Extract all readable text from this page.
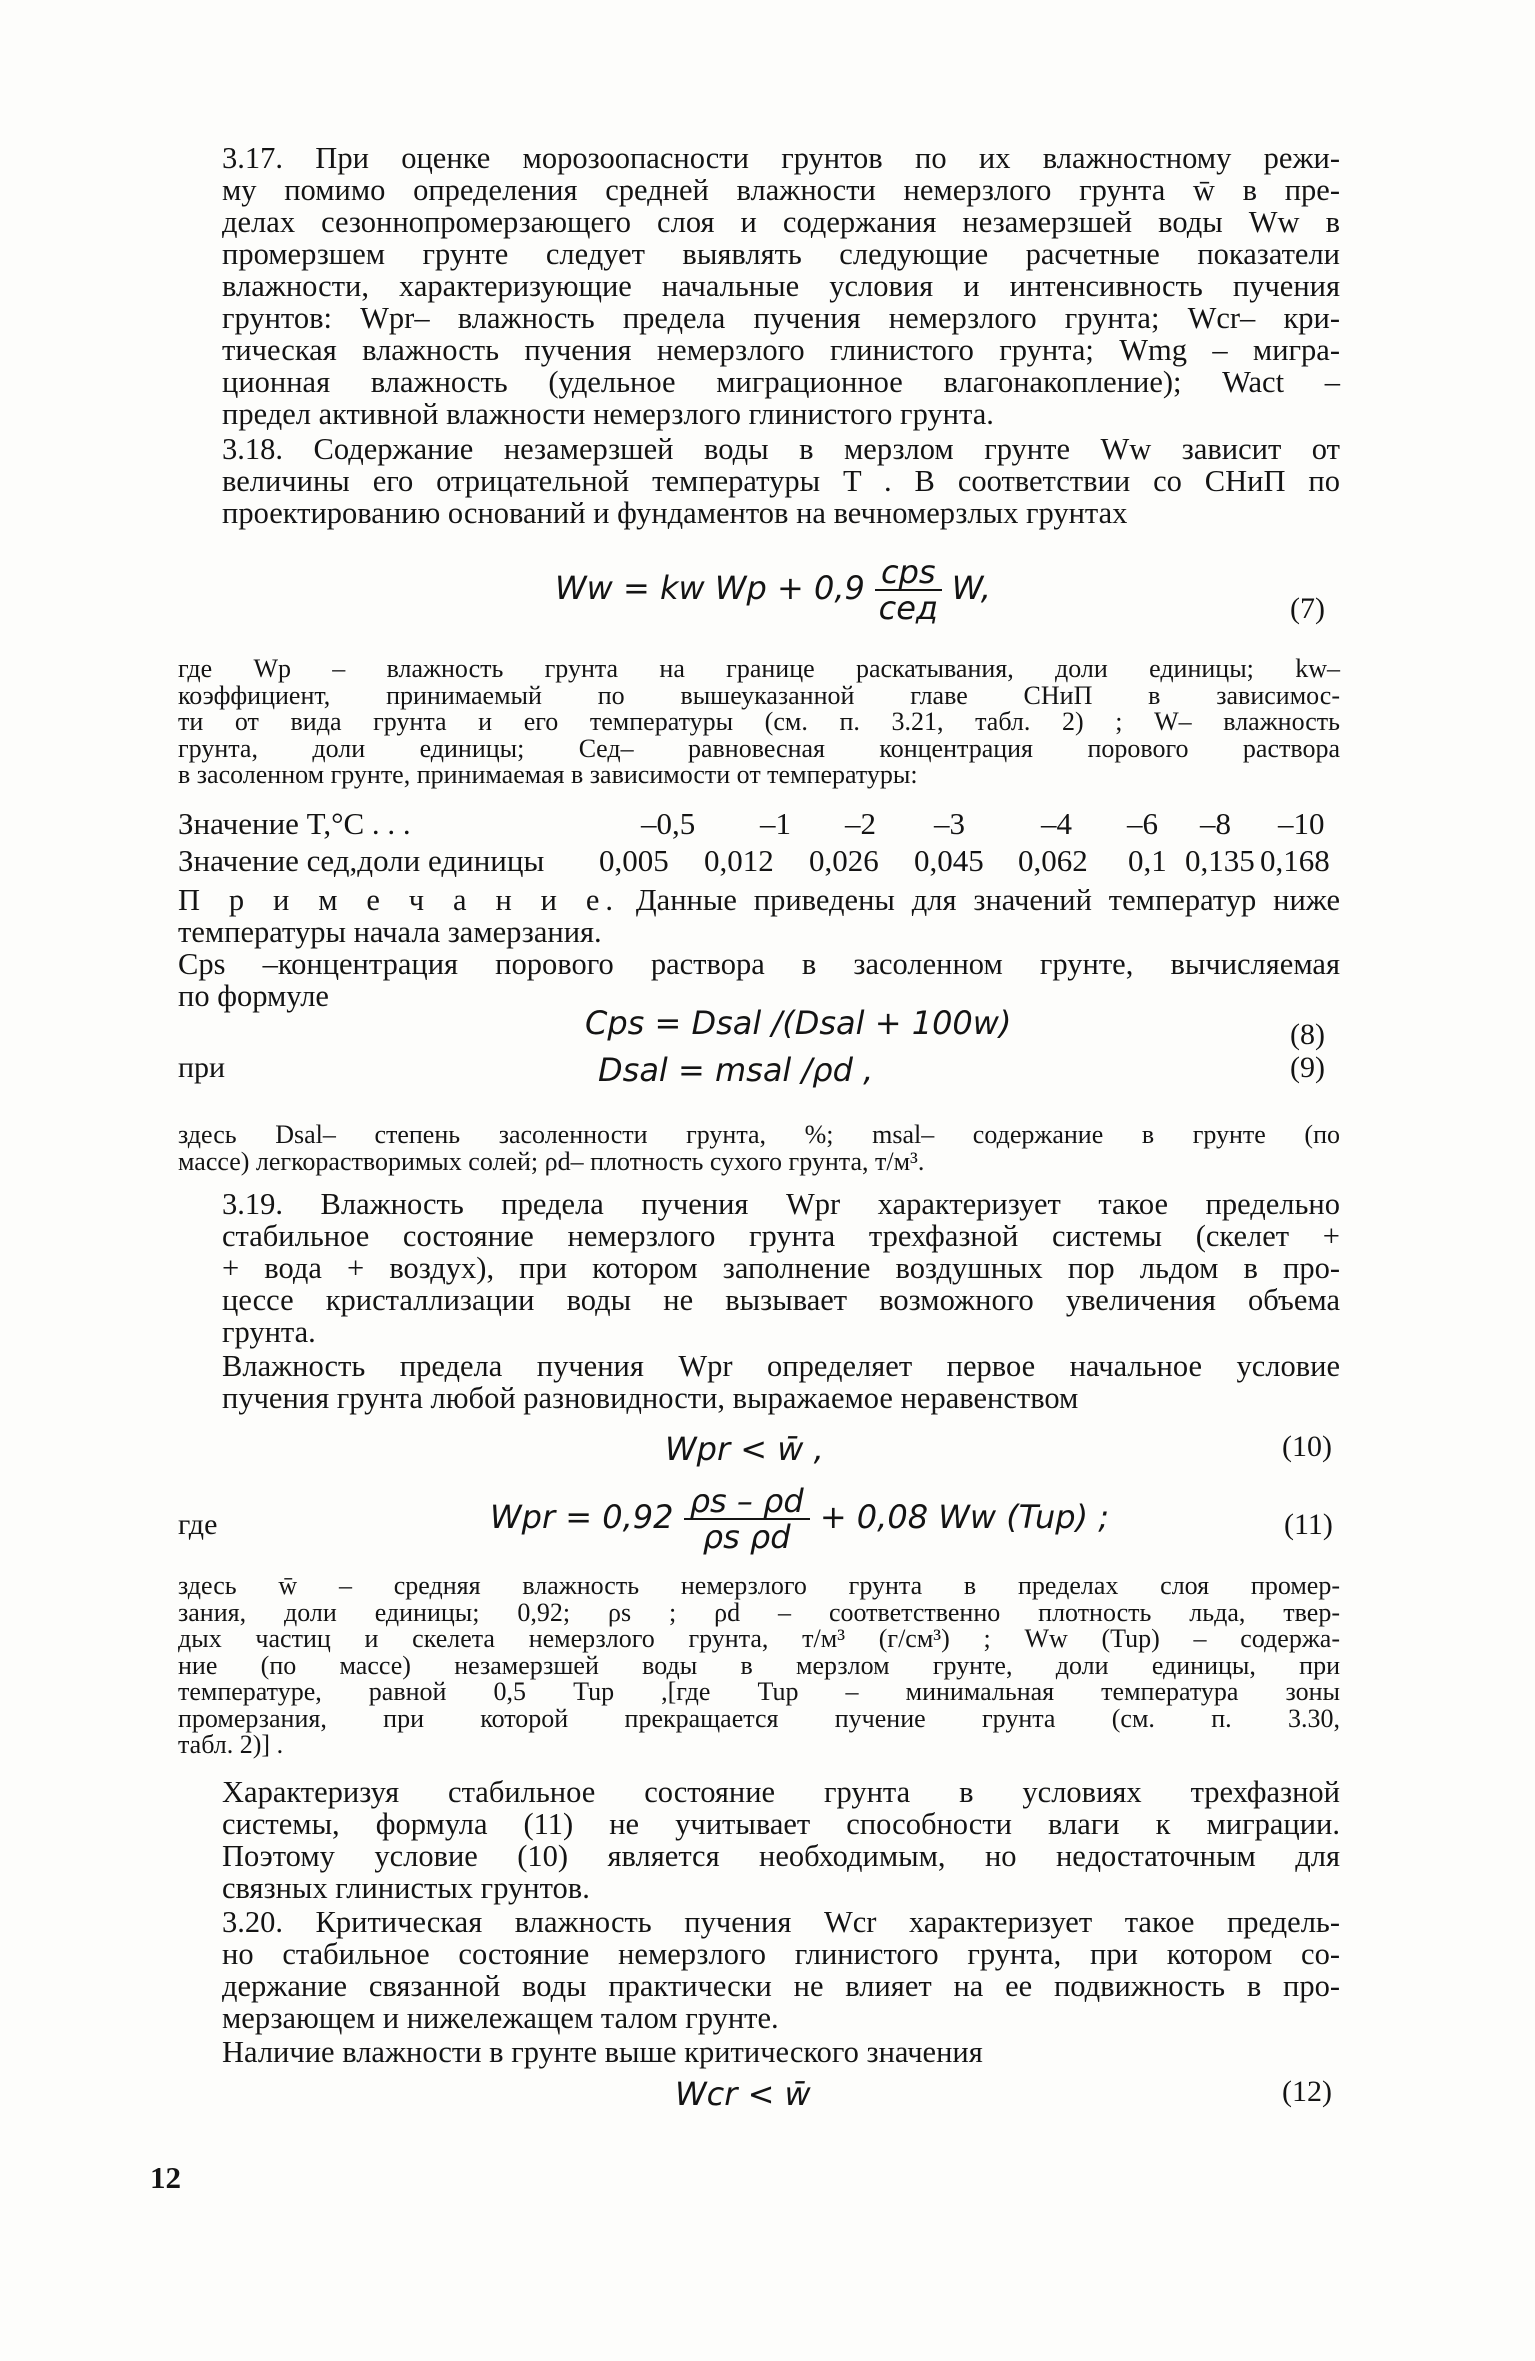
3.17. При оценке морозоопасности грунтов по их влажностному режи-
му помимо определения средней влажности немерзлого грунта w̄ в пре-
делах сезоннопромерзающего слоя и содержания незамерзшей воды Ww в
промерзшем грунте следует выявлять следующие расчетные показатели
влажности, характеризующие начальные условия и интенсивность пучения
грунтов: Wpr– влажность предела пучения немерзлого грунта; Wcr– кри-
тическая влажность пучения немерзлого глинистого грунта; Wmg – мигра-
ционная влажность (удельное миграционное влагонакопление); Wact –
предел активной влажности немерзлого глинистого грунта.

3.18. Содержание незамерзшей воды в мерзлом грунте Ww зависит от
величины его отрицательной температуры T . В соответствии со СНиП по
проектированию оснований и фундаментов на вечномерзлых грунтах

Ww = kw $Wp + 0,9 \frac{\text{cps}}{\text{cед}} W$,
(7)

где Wp – влажность грунта на границе раскатывания, доли единицы; kw–
коэффициент, принимаемый по вышеуказанной главе СНиП в зависимос-
ти от вида грунта и его температуры (см. п. 3.21, табл. 2) ; W– влажность
грунта, доли единицы; Cед– равновесная концентрация порового раствора
в засоленном грунте, принимаемая в зависимости от температуры:

Значение T,°C . . .	–0,5 –1 –2 –3 –4 –6 –8 –10
Значение cед,доли единицы 0,005 0,012 0,026 0,045 0,062 0,1 0,135 0,168

П р и м е ч а н и е. Данные приведены для значений температур ниже
температуры начала замерзания.

Cps –концентрация порового раствора в засоленном грунте, вычисляемая
по формуле

Cps = Dsal /(Dsal + 100w)	(8)
при	Dsal = msal /ρd ,	(9)

здесь Dsal– степень засоленности грунта, %; msal– содержание в грунте (по
массе) легкорастворимых солей; ρd– плотность сухого грунта, т/м³.

3.19. Влажность предела пучения Wpr характеризует такое предельно
стабильное состояние немерзлого грунта трехфазной системы (скелет +
+ вода + воздух), при котором заполнение воздушных пор льдом в про-
цессе кристаллизации воды не вызывает возможного увеличения объема
грунта.

Влажность предела пучения Wpr определяет первое начальное условие
пучения грунта любой разновидности, выражаемое неравенством

Wpr < w̄ ,	(10)
где	Wpr = $0,92 \frac{\rho s - \rho d}{\text{ρs ρd}} + 0,08$ Ww (Tup) ;	(11)

здесь w̄ – средняя влажность немерзлого грунта в пределах слоя промер-
зания, доли единицы; 0,92; ρs ; ρd – соответственно плотность льда, твер-
дых частиц и скелета немерзлого грунта, т/м³ (г/см³) ; Ww (Tup) – содержа-
ние (по массе) незамерзшей воды в мерзлом грунте, доли единицы, при
температуре, равной 0,5 Tup ,[где Tup – минимальная температура зоны
промерзания, при которой прекращается пучение грунта (см. п. 3.30,
табл. 2)] .

Характеризуя стабильное состояние грунта в условиях трехфазной
системы, формула (11) не учитывает способности влаги к миграции.
Поэтому условие (10) является необходимым, но недостаточным для
связных глинистых грунтов.

3.20. Критическая влажность пучения Wcr характеризует такое предель-
но стабильное состояние немерзлого глинистого грунта, при котором со-
держание связанной воды практически не влияет на ее подвижность в про-
мерзающем и нижележащем талом грунте.

Наличие влажности в грунте выше критического значения

Wcr < w̄	(12)
12
